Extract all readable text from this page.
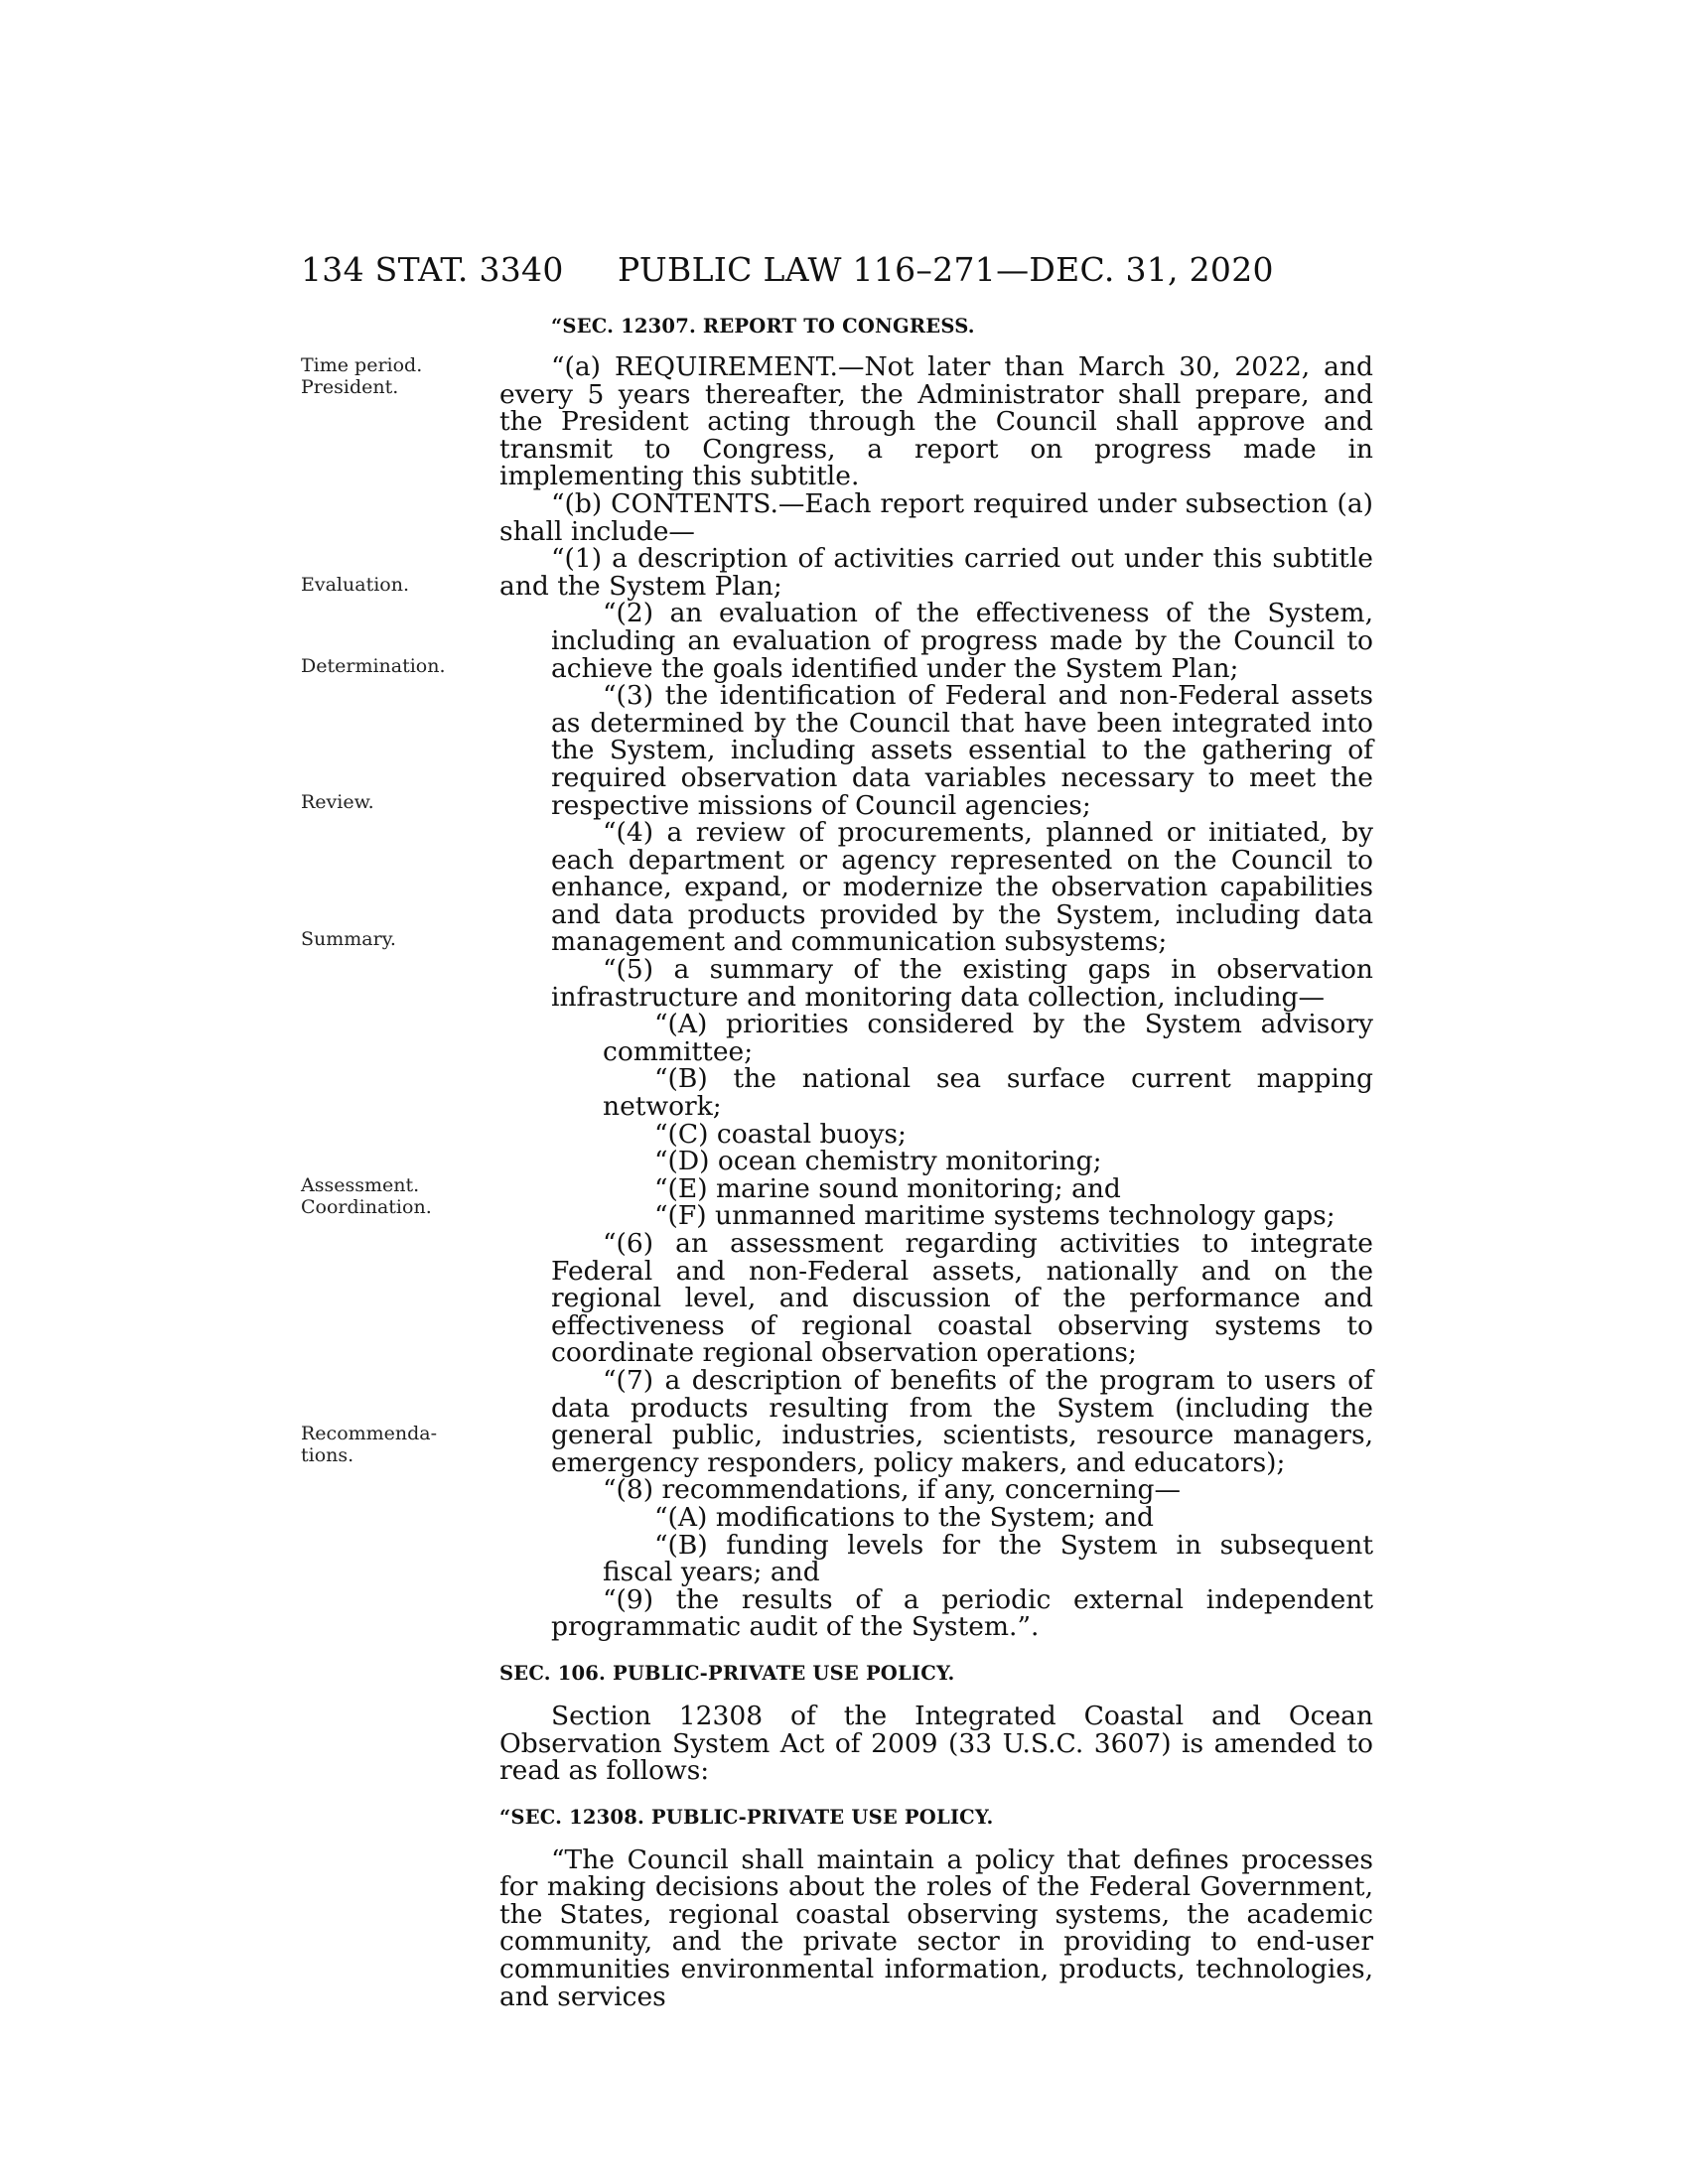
134 STAT. 3340 PUBLIC LAW 116–271—DEC. 31, 2020
Time period.
President.
Evaluation.
Determination.
Review.
Summary.
Assessment.
Coordination.
Recommenda-
tions.

“SEC. 12307. REPORT TO CONGRESS.

“(a) REQUIREMENT.—Not later than March 30, 2022, and every 5 years thereafter, the Administrator shall prepare, and the President acting through the Council shall approve and transmit to Congress, a report on progress made in implementing this subtitle.

“(b) CONTENTS.—Each report required under subsection (a) shall include—

“(1) a description of activities carried out under this subtitle and the System Plan;

“(2) an evaluation of the effectiveness of the System, including an evaluation of progress made by the Council to achieve the goals identified under the System Plan;

“(3) the identification of Federal and non-Federal assets as determined by the Council that have been integrated into the System, including assets essential to the gathering of required observation data variables necessary to meet the respective missions of Council agencies;

“(4) a review of procurements, planned or initiated, by each department or agency represented on the Council to enhance, expand, or modernize the observation capabilities and data products provided by the System, including data management and communication subsystems;

“(5) a summary of the existing gaps in observation infrastructure and monitoring data collection, including—

“(A) priorities considered by the System advisory committee;

“(B) the national sea surface current mapping network;

“(C) coastal buoys;

“(D) ocean chemistry monitoring;

“(E) marine sound monitoring; and

“(F) unmanned maritime systems technology gaps;

“(6) an assessment regarding activities to integrate Federal and non-Federal assets, nationally and on the regional level, and discussion of the performance and effectiveness of regional coastal observing systems to coordinate regional observation operations;

“(7) a description of benefits of the program to users of data products resulting from the System (including the general public, industries, scientists, resource managers, emergency responders, policy makers, and educators);

“(8) recommendations, if any, concerning—

“(A) modifications to the System; and

“(B) funding levels for the System in subsequent fiscal years; and

“(9) the results of a periodic external independent programmatic audit of the System.”.

SEC. 106. PUBLIC-PRIVATE USE POLICY.

Section 12308 of the Integrated Coastal and Ocean Observation System Act of 2009 (33 U.S.C. 3607) is amended to read as follows:

“SEC. 12308. PUBLIC-PRIVATE USE POLICY.

“The Council shall maintain a policy that defines processes for making decisions about the roles of the Federal Government, the States, regional coastal observing systems, the academic community, and the private sector in providing to end-user communities environmental information, products, technologies, and services
